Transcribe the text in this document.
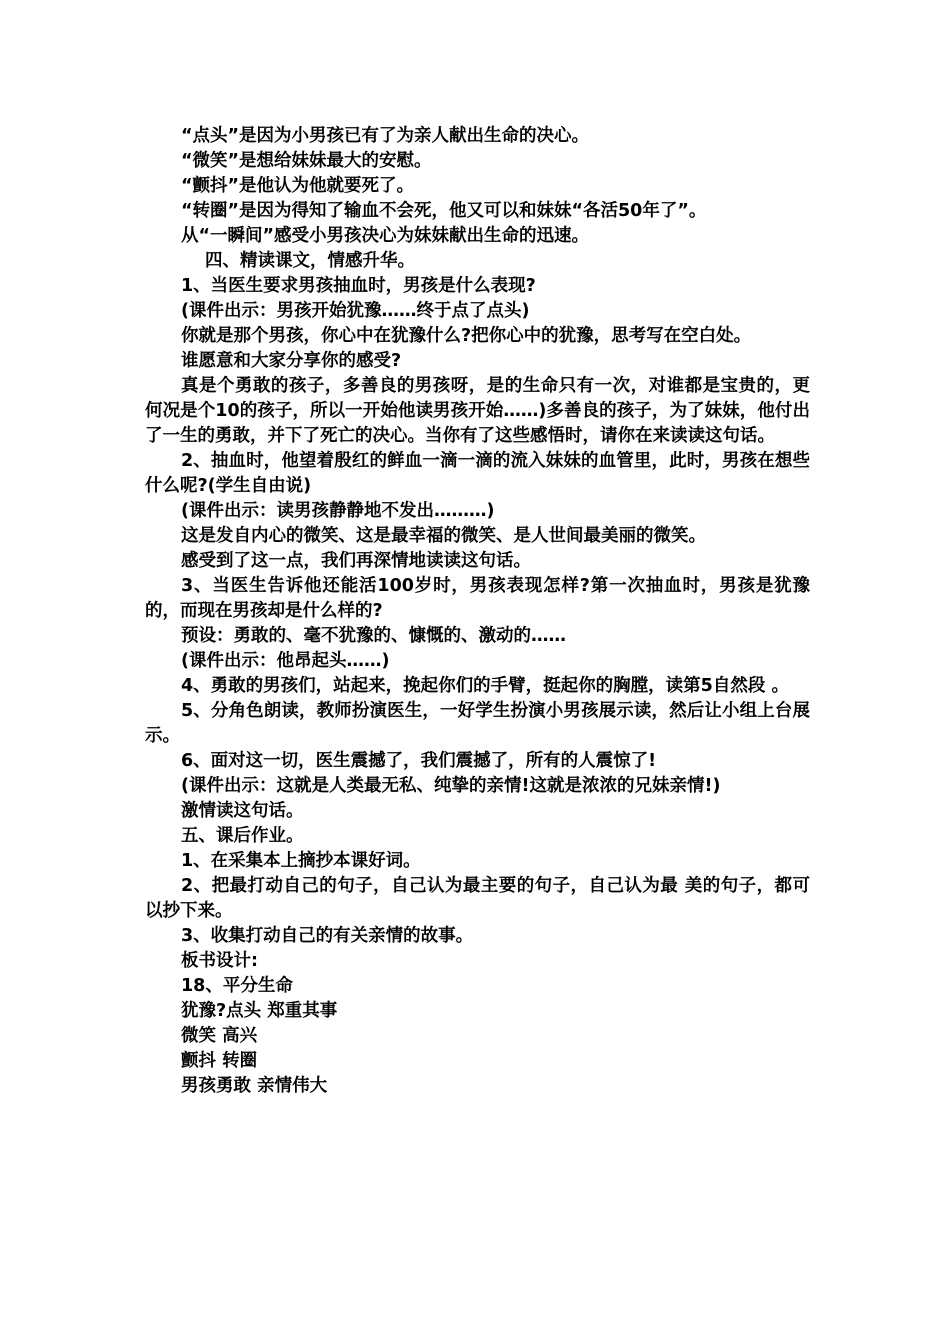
“点头”是因为小男孩已有了为亲人献出生命的决心。

“微笑”是想给妹妹最大的安慰。

“颤抖”是他认为他就要死了。

“转圈”是因为得知了输血不会死，他又可以和妹妹“各活50年了”。

从“一瞬间”感受小男孩决心为妹妹献出生命的迅速。

四、精读课文，情感升华。

1、当医生要求男孩抽血时，男孩是什么表现?

(课件出示：男孩开始犹豫……终于点了点头)

你就是那个男孩，你心中在犹豫什么?把你心中的犹豫，思考写在空白处。

谁愿意和大家分享你的感受?

真是个勇敢的孩子，多善良的男孩呀，是的生命只有一次，对谁都是宝贵的，更何况是个10的孩子，所以一开始他读男孩开始……)多善良的孩子，为了妹妹，他付出了一生的勇敢，并下了死亡的决心。当你有了这些感悟时，请你在来读读这句话。

2、抽血时，他望着殷红的鲜血一滴一滴的流入妹妹的血管里，此时，男孩在想些什么呢?(学生自由说)

(课件出示：读男孩静静地不发出………)

这是发自内心的微笑、这是最幸福的微笑、是人世间最美丽的微笑。

感受到了这一点，我们再深情地读读这句话。

3、当医生告诉他还能活100岁时，男孩表现怎样?第一次抽血时，男孩是犹豫的，而现在男孩却是什么样的?

预设：勇敢的、毫不犹豫的、慷慨的、激动的……

(课件出示：他昂起头……)

4、勇敢的男孩们，站起来，挽起你们的手臂，挺起你的胸膛，读第5自然段 。

5、分角色朗读，教师扮演医生，一好学生扮演小男孩展示读，然后让小组上台展示。

6、面对这一切，医生震撼了，我们震撼了，所有的人震惊了!

(课件出示：这就是人类最无私、纯挚的亲情!这就是浓浓的兄妹亲情!)

激情读这句话。

五、课后作业。

1、在采集本上摘抄本课好词。

2、把最打动自己的句子，自己认为最主要的句子，自己认为最 美的句子，都可以抄下来。

3、收集打动自己的有关亲情的故事。

板书设计:

18、平分生命

犹豫?点头 郑重其事

微笑 高兴

颤抖 转圈

男孩勇敢 亲情伟大
